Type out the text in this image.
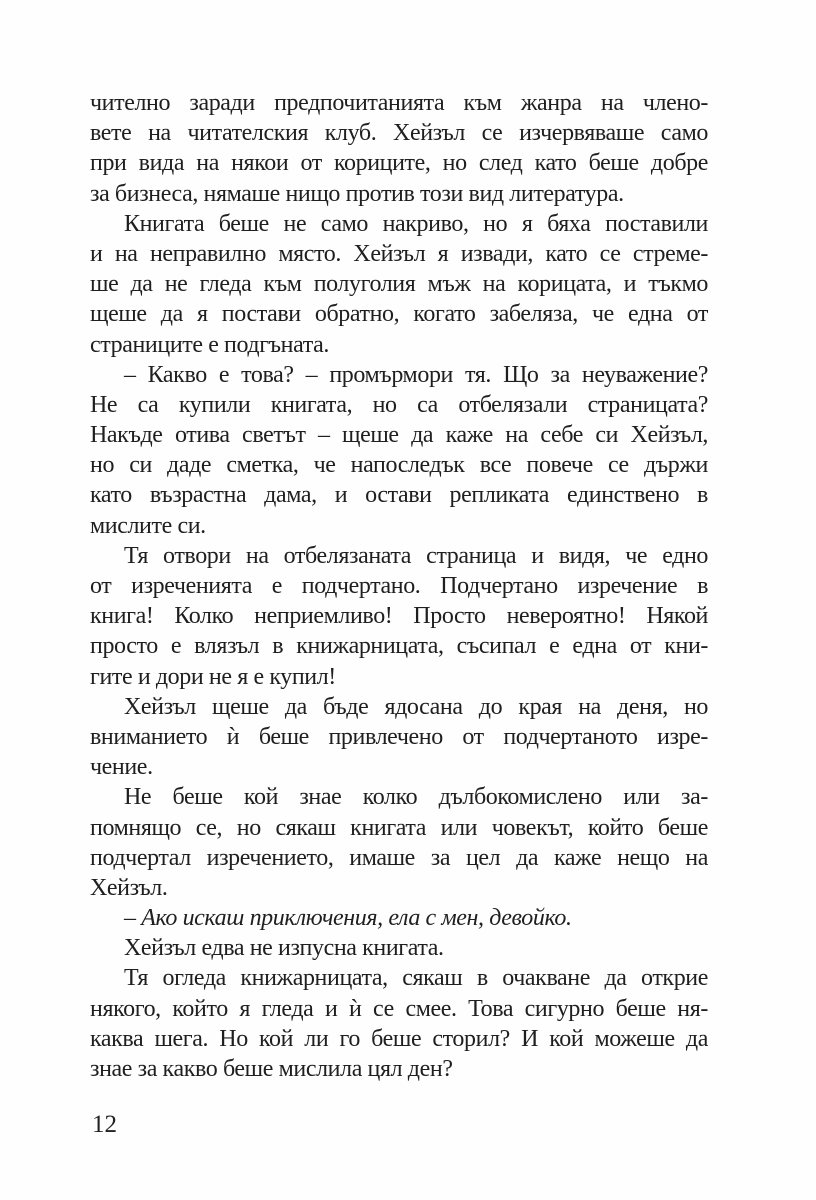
чително заради предпочитанията към жанра на члено-
вете на читателския клуб. Хейзъл се изчервяваше само
при вида на някои от кориците, но след като беше добре
за бизнеса, нямаше нищо против този вид литература.

Книгата беше не само накриво, но я бяха поставили
и на неправилно място. Хейзъл я извади, като се стреме-
ше да не гледа към полуголия мъж на корицата, и тъкмо
щеше да я постави обратно, когато забеляза, че една от
страниците е подгъната.

– Какво е това? – промърмори тя. Що за неуважение?
Не са купили книгата, но са отбелязали страницата?
Накъде отива светът – щеше да каже на себе си Хейзъл,
но си даде сметка, че напоследък все повече се държи
като възрастна дама, и остави репликата единствено в
мислите си.

Тя отвори на отбелязаната страница и видя, че едно
от изреченията е подчертано. Подчертано изречение в
книга! Колко неприемливо! Просто невероятно! Някой
просто е влязъл в книжарницата, съсипал е една от кни-
гите и дори не я е купил!

Хейзъл щеше да бъде ядосана до края на деня, но
вниманието ѝ беше привлечено от подчертаното изре-
чение.

Не беше кой знае колко дълбокомислено или за-
помнящо се, но сякаш книгата или човекът, който беше
подчертал изречението, имаше за цел да каже нещо на
Хейзъл.

– Ако искаш приключения, ела с мен, девойко.

Хейзъл едва не изпусна книгата.

Тя огледа книжарницата, сякаш в очакване да открие
някого, който я гледа и ѝ се смее. Това сигурно беше ня-
каква шега. Но кой ли го беше сторил? И кой можеше да
знае за какво беше мислила цял ден?

12
